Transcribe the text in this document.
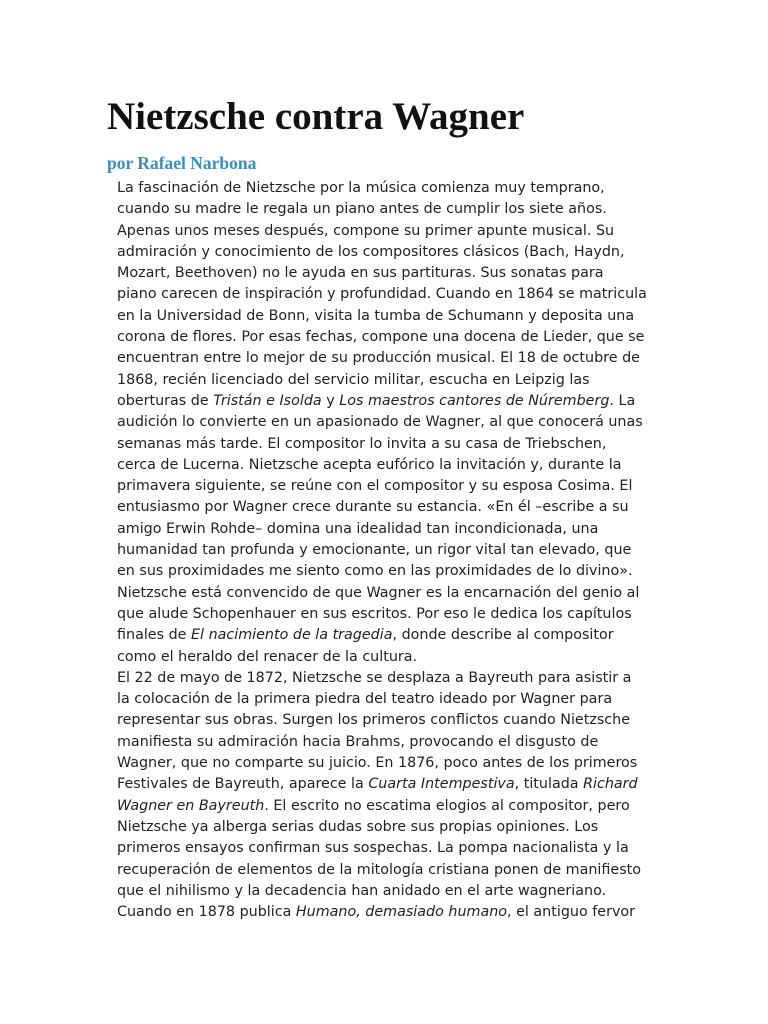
Nietzsche contra Wagner
por Rafael Narbona
La fascinación de Nietzsche por la música comienza muy temprano,
cuando su madre le regala un piano antes de cumplir los siete años.
Apenas unos meses después, compone su primer apunte musical. Su
admiración y conocimiento de los compositores clásicos (Bach, Haydn,
Mozart, Beethoven) no le ayuda en sus partituras. Sus sonatas para
piano carecen de inspiración y profundidad. Cuando en 1864 se matricula
en la Universidad de Bonn, visita la tumba de Schumann y deposita una
corona de flores. Por esas fechas, compone una docena de Lieder, que se
encuentran entre lo mejor de su producción musical. El 18 de octubre de
1868, recién licenciado del servicio militar, escucha en Leipzig las
oberturas de Tristán e Isolda y Los maestros cantores de Núremberg. La
audición lo convierte en un apasionado de Wagner, al que conocerá unas
semanas más tarde. El compositor lo invita a su casa de Triebschen,
cerca de Lucerna. Nietzsche acepta eufórico la invitación y, durante la
primavera siguiente, se reúne con el compositor y su esposa Cosima. El
entusiasmo por Wagner crece durante su estancia. «En él –escribe a su
amigo Erwin Rohde– domina una idealidad tan incondicionada, una
humanidad tan profunda y emocionante, un rigor vital tan elevado, que
en sus proximidades me siento como en las proximidades de lo divino».
Nietzsche está convencido de que Wagner es la encarnación del genio al
que alude Schopenhauer en sus escritos. Por eso le dedica los capítulos
finales de El nacimiento de la tragedia, donde describe al compositor
como el heraldo del renacer de la cultura.
El 22 de mayo de 1872, Nietzsche se desplaza a Bayreuth para asistir a
la colocación de la primera piedra del teatro ideado por Wagner para
representar sus obras. Surgen los primeros conflictos cuando Nietzsche
manifiesta su admiración hacia Brahms, provocando el disgusto de
Wagner, que no comparte su juicio. En 1876, poco antes de los primeros
Festivales de Bayreuth, aparece la Cuarta Intempestiva, titulada Richard
Wagner en Bayreuth. El escrito no escatima elogios al compositor, pero
Nietzsche ya alberga serias dudas sobre sus propias opiniones. Los
primeros ensayos confirman sus sospechas. La pompa nacionalista y la
recuperación de elementos de la mitología cristiana ponen de manifiesto
que el nihilismo y la decadencia han anidado en el arte wagneriano.
Cuando en 1878 publica Humano, demasiado humano, el antiguo fervor
